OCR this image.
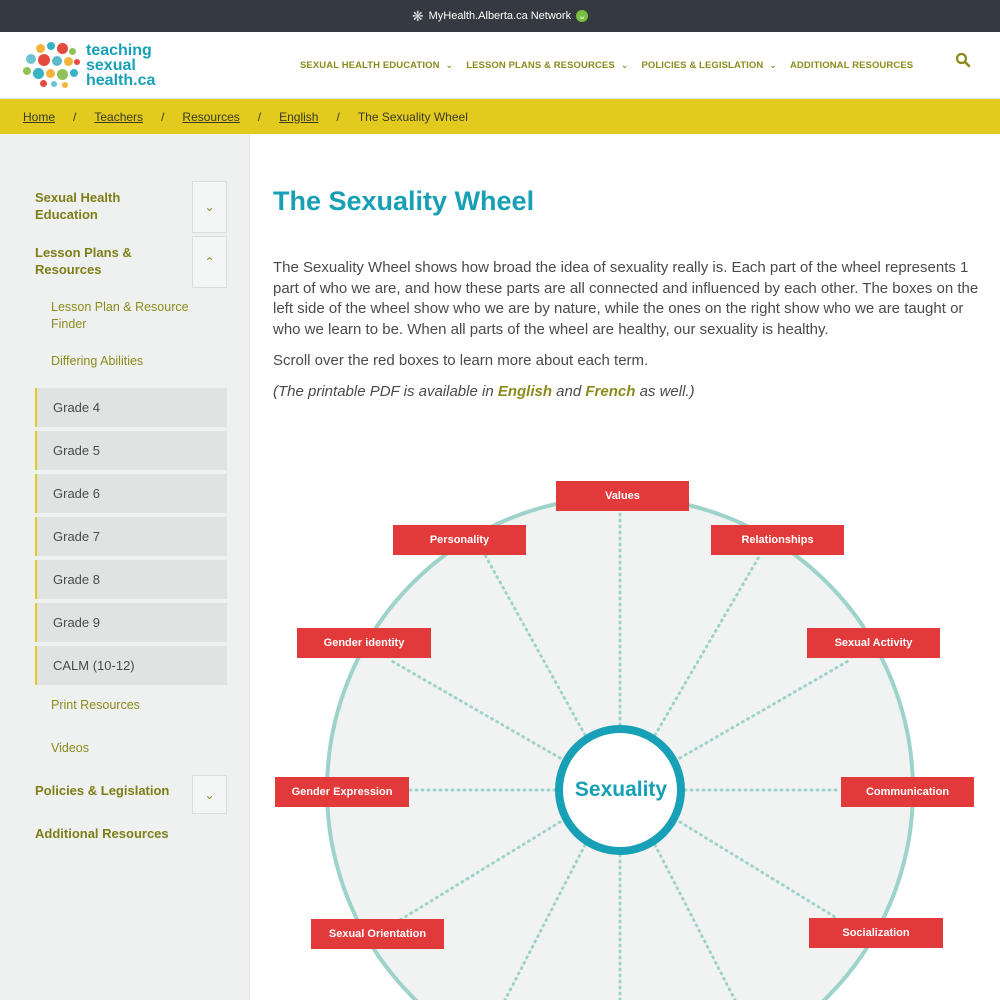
❋ MyHealth.Alberta.ca Network ⌄
teaching
sexual
health.ca
SEXUAL HEALTH EDUCATION ⌄ LESSON PLANS & RESOURCES ⌄ POLICIES & LEGISLATION ⌄ ADDITIONAL RESOURCES
Home / Teachers / Resources / English / The Sexuality Wheel
Sexual Health Education	⌄
Lesson Plans & Resources	⌃
Lesson Plan & Resource Finder
Differing Abilities
Grade 4
Grade 5
Grade 6
Grade 7
Grade 8
Grade 9
CALM (10-12)
Print Resources
Videos
Policies & Legislation	⌄
Additional Resources
The Sexuality Wheel

The Sexuality Wheel shows how broad the idea of sexuality really is. Each part of the wheel represents 1 part of who we are, and how these parts are all connected and influenced by each other. The boxes on the left side of the wheel show who we are by nature, while the ones on the right show who we are taught or who we learn to be. When all parts of the wheel are healthy, our sexuality is healthy.

Scroll over the red boxes to learn more about each term.

(The printable PDF is available in English and French as well.)

Sexuality
Values
Personality	Relationships
Gender identity	Sexual Activity
Gender Expression	Communication
Sexual Orientation	Socialization
